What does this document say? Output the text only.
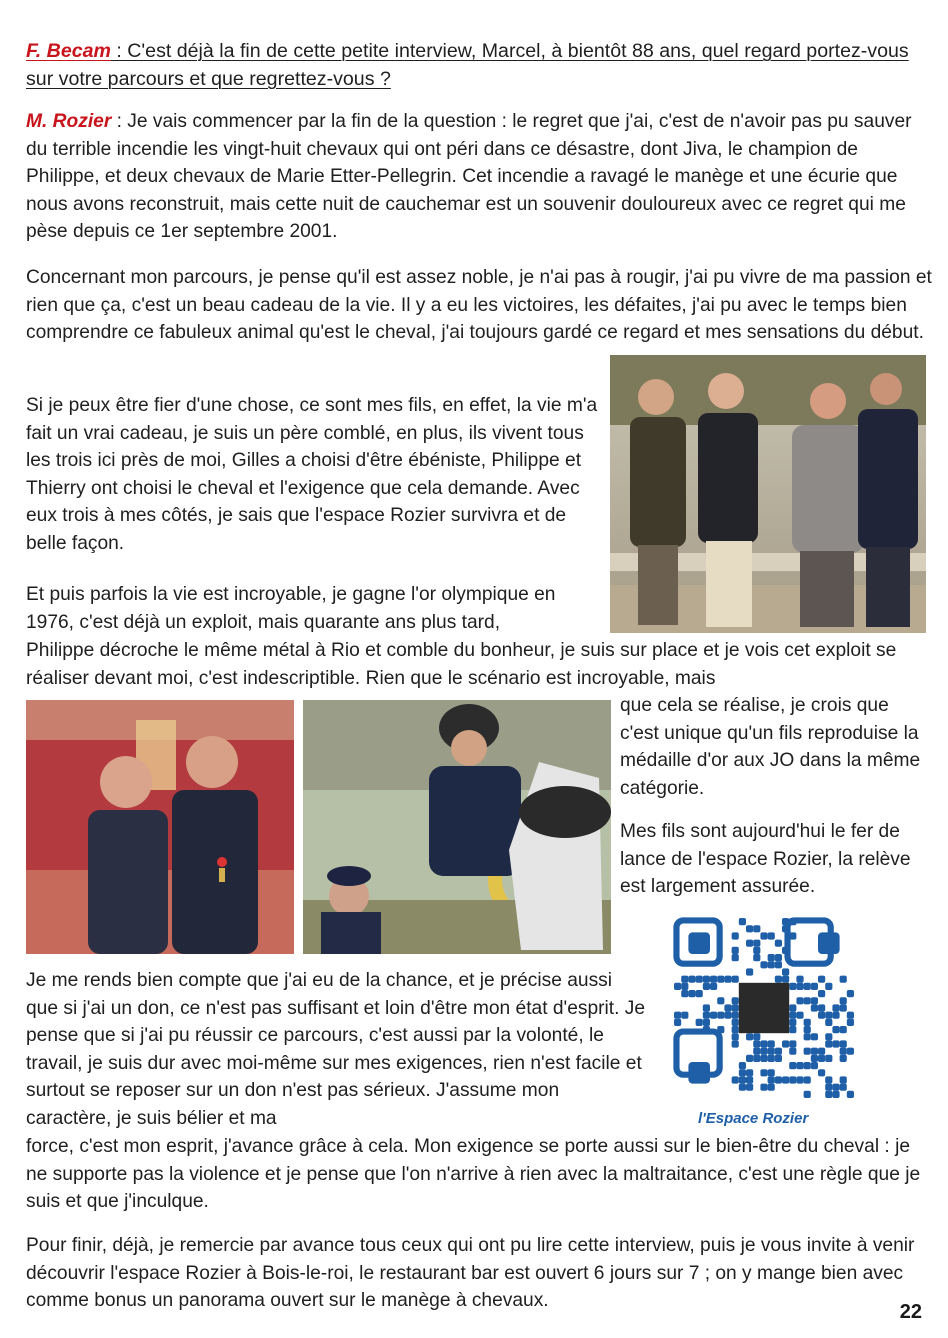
F. Becam : C'est déjà la fin de cette petite interview, Marcel, à bientôt 88 ans, quel regard portez-vous sur votre parcours et que regrettez-vous ?
M. Rozier : Je vais commencer par la fin de la question : le regret que j'ai, c'est de n'avoir pas pu sauver du terrible incendie les vingt-huit chevaux qui ont péri dans ce désastre, dont Jiva, le champion de Philippe, et deux chevaux de Marie Etter-Pellegrin. Cet incendie a ravagé le manège et une écurie que nous avons reconstruit, mais cette nuit de cauchemar est un souvenir douloureux avec ce regret qui me pèse depuis ce 1er septembre 2001.
Concernant mon parcours, je pense qu'il est assez noble, je n'ai pas à rougir, j'ai pu vivre de ma passion et rien que ça, c'est un beau cadeau de la vie. Il y a eu les victoires, les défaites, j'ai pu avec le temps bien comprendre ce fabuleux animal qu'est le cheval, j'ai toujours gardé ce regard et mes sensations du début.
Si je peux être fier d'une chose, ce sont mes fils, en effet, la vie m'a fait un vrai cadeau, je suis un père comblé, en plus, ils vivent tous les trois ici près de moi, Gilles a choisi d'être ébéniste, Philippe et Thierry ont choisi le cheval et l'exigence que cela demande. Avec eux trois à mes côtés, je sais que l'espace Rozier survivra et de belle façon.
Et puis parfois la vie est incroyable, je gagne l'or olympique en 1976, c'est déjà un exploit, mais quarante ans plus tard,
Philippe décroche le même métal à Rio et comble du bonheur, je suis sur place et je vois cet exploit se réaliser devant moi, c'est indescriptible. Rien que le scénario est incroyable, mais
que cela se réalise, je crois que c'est unique qu'un fils reproduise la médaille d'or aux JO dans la même catégorie.
Mes fils sont aujourd'hui le fer de lance de l'espace Rozier, la relève est largement assurée.
Je me rends bien compte que j'ai eu de la chance, et je précise aussi que si j'ai un don, ce n'est pas suffisant et loin d'être mon état d'esprit. Je pense que si j'ai pu réussir ce parcours, c'est aussi par la volonté, le travail, je suis dur avec moi-même sur mes exigences, rien n'est facile et surtout se reposer sur un don n'est pas sérieux. J'assume mon caractère, je suis bélier et ma
force, c'est mon esprit, j'avance grâce à cela. Mon exigence se porte aussi sur le bien-être du cheval : je ne supporte pas la violence et je pense que l'on n'arrive à rien avec la maltraitance, c'est une règle que je suis et que j'inculque.
Pour finir, déjà, je remercie par avance tous ceux qui ont pu lire cette interview, puis je vous invite à venir découvrir l'espace Rozier à Bois-le-roi, le restaurant bar est ouvert 6 jours sur 7 ; on y mange bien avec comme bonus un panorama ouvert sur le manège à chevaux.
l'Espace Rozier
22
